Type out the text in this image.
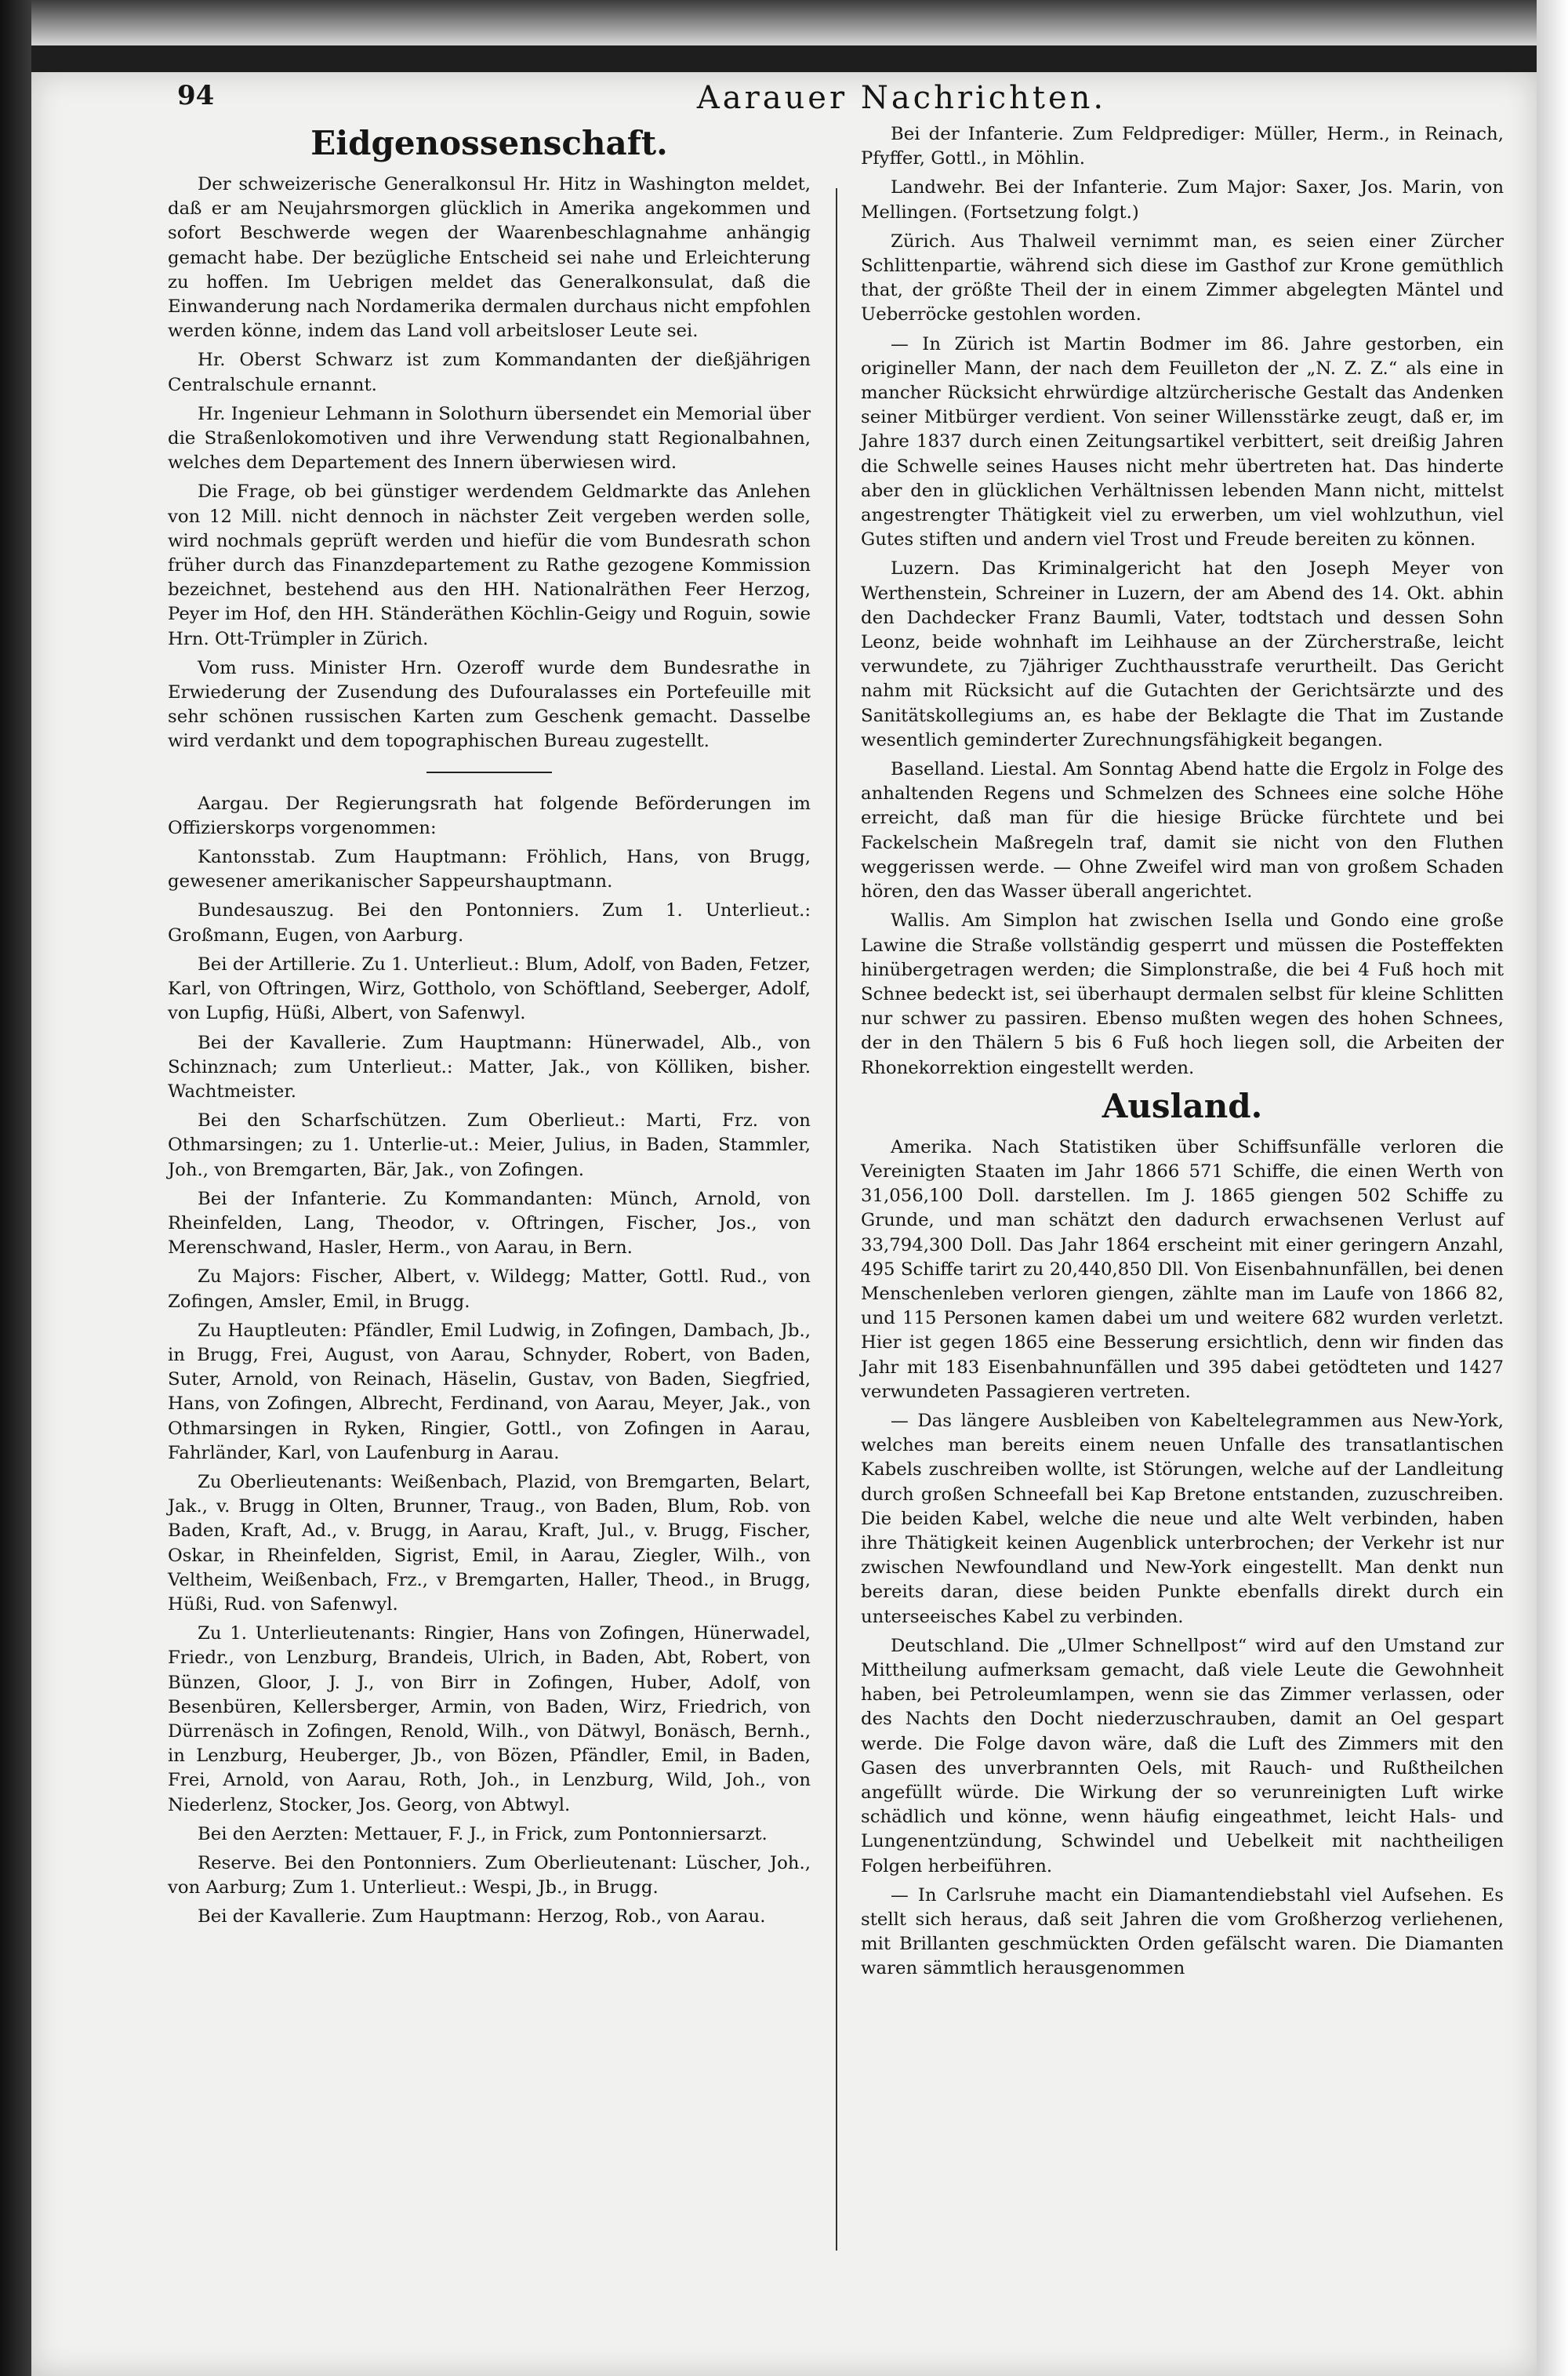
94	Aarauer Nachrichten.
Eidgenossenschaft.

Der schweizerische Generalkonsul Hr. Hitz in Washington meldet, daß er am Neujahrsmorgen glücklich in Amerika angekommen und sofort Beschwerde wegen der Waarenbeschlagnahme anhängig gemacht habe. Der bezügliche Entscheid sei nahe und Erleichterung zu hoffen. Im Uebrigen meldet das Generalkonsulat, daß die Einwanderung nach Nordamerika dermalen durchaus nicht empfohlen werden könne, indem das Land voll arbeitsloser Leute sei.

Hr. Oberst Schwarz ist zum Kommandanten der dießjährigen Centralschule ernannt.

Hr. Ingenieur Lehmann in Solothurn übersendet ein Memorial über die Straßenlokomotiven und ihre Verwendung statt Regionalbahnen, welches dem Departement des Innern überwiesen wird.

Die Frage, ob bei günstiger werdendem Geldmarkte das Anlehen von 12 Mill. nicht dennoch in nächster Zeit vergeben werden solle, wird nochmals geprüft werden und hiefür die vom Bundesrath schon früher durch das Finanzdepartement zu Rathe gezogene Kommission bezeichnet, bestehend aus den HH. Nationalräthen Feer Herzog, Peyer im Hof, den HH. Ständeräthen Köchlin-Geigy und Roguin, sowie Hrn. Ott-Trümpler in Zürich.

Vom russ. Minister Hrn. Ozeroff wurde dem Bundesrathe in Erwiederung der Zusendung des Dufouralasses ein Portefeuille mit sehr schönen russischen Karten zum Geschenk gemacht. Dasselbe wird verdankt und dem topographischen Bureau zugestellt.

Aargau. Der Regierungsrath hat folgende Beförderungen im Offizierskorps vorgenommen:

Kantonsstab. Zum Hauptmann: Fröhlich, Hans, von Brugg, gewesener amerikanischer Sappeurshauptmann.

Bundesauszug. Bei den Pontonniers. Zum 1. Unterlieut.: Großmann, Eugen, von Aarburg.

Bei der Artillerie. Zu 1. Unterlieut.: Blum, Adolf, von Baden, Fetzer, Karl, von Oftringen, Wirz, Gottholo, von Schöftland, Seeberger, Adolf, von Lupfig, Hüßi, Albert, von Safenwyl.

Bei der Kavallerie. Zum Hauptmann: Hünerwadel, Alb., von Schinznach; zum Unterlieut.: Matter, Jak., von Kölliken, bisher. Wachtmeister.

Bei den Scharfschützen. Zum Oberlieut.: Marti, Frz. von Othmarsingen; zu 1. Unterlie-ut.: Meier, Julius, in Baden, Stammler, Joh., von Bremgarten, Bär, Jak., von Zofingen.

Bei der Infanterie. Zu Kommandanten: Münch, Arnold, von Rheinfelden, Lang, Theodor, v. Oftringen, Fischer, Jos., von Merenschwand, Hasler, Herm., von Aarau, in Bern.

Zu Majors: Fischer, Albert, v. Wildegg; Matter, Gottl. Rud., von Zofingen, Amsler, Emil, in Brugg.

Zu Hauptleuten: Pfändler, Emil Ludwig, in Zofingen, Dambach, Jb., in Brugg, Frei, August, von Aarau, Schnyder, Robert, von Baden, Suter, Arnold, von Reinach, Häselin, Gustav, von Baden, Siegfried, Hans, von Zofingen, Albrecht, Ferdinand, von Aarau, Meyer, Jak., von Othmarsingen in Ryken, Ringier, Gottl., von Zofingen in Aarau, Fahrländer, Karl, von Laufenburg in Aarau.

Zu Oberlieutenants: Weißenbach, Plazid, von Bremgarten, Belart, Jak., v. Brugg in Olten, Brunner, Traug., von Baden, Blum, Rob. von Baden, Kraft, Ad., v. Brugg, in Aarau, Kraft, Jul., v. Brugg, Fischer, Oskar, in Rheinfelden, Sigrist, Emil, in Aarau, Ziegler, Wilh., von Veltheim, Weißenbach, Frz., v Bremgarten, Haller, Theod., in Brugg, Hüßi, Rud. von Safenwyl.

Zu 1. Unterlieutenants: Ringier, Hans von Zofingen, Hünerwadel, Friedr., von Lenzburg, Brandeis, Ulrich, in Baden, Abt, Robert, von Bünzen, Gloor, J. J., von Birr in Zofingen, Huber, Adolf, von Besenbüren, Kellersberger, Armin, von Baden, Wirz, Friedrich, von Dürrenäsch in Zofingen, Renold, Wilh., von Dätwyl, Bonäsch, Bernh., in Lenzburg, Heuberger, Jb., von Bözen, Pfändler, Emil, in Baden, Frei, Arnold, von Aarau, Roth, Joh., in Lenzburg, Wild, Joh., von Niederlenz, Stocker, Jos. Georg, von Abtwyl.

Bei den Aerzten: Mettauer, F. J., in Frick, zum Pontonniersarzt.

Reserve. Bei den Pontonniers. Zum Oberlieutenant: Lüscher, Joh., von Aarburg; Zum 1. Unterlieut.: Wespi, Jb., in Brugg.

Bei der Kavallerie. Zum Hauptmann: Herzog, Rob., von Aarau.

Bei der Infanterie. Zum Feldprediger: Müller, Herm., in Reinach, Pfyffer, Gottl., in Möhlin.

Landwehr. Bei der Infanterie. Zum Major: Saxer, Jos. Marin, von Mellingen. (Fortsetzung folgt.)

Zürich. Aus Thalweil vernimmt man, es seien einer Zürcher Schlittenpartie, während sich diese im Gasthof zur Krone gemüthlich that, der größte Theil der in einem Zimmer abgelegten Mäntel und Ueberröcke gestohlen worden.

— In Zürich ist Martin Bodmer im 86. Jahre gestorben, ein origineller Mann, der nach dem Feuilleton der „N. Z. Z.“ als eine in mancher Rücksicht ehrwürdige altzürcherische Gestalt das Andenken seiner Mitbürger verdient. Von seiner Willensstärke zeugt, daß er, im Jahre 1837 durch einen Zeitungsartikel verbittert, seit dreißig Jahren die Schwelle seines Hauses nicht mehr übertreten hat. Das hinderte aber den in glücklichen Verhältnissen lebenden Mann nicht, mittelst angestrengter Thätigkeit viel zu erwerben, um viel wohlzuthun, viel Gutes stiften und andern viel Trost und Freude bereiten zu können.

Luzern. Das Kriminalgericht hat den Joseph Meyer von Werthenstein, Schreiner in Luzern, der am Abend des 14. Okt. abhin den Dachdecker Franz Baumli, Vater, todtstach und dessen Sohn Leonz, beide wohnhaft im Leihhause an der Zürcherstraße, leicht verwundete, zu 7jähriger Zuchthausstrafe verurtheilt. Das Gericht nahm mit Rücksicht auf die Gutachten der Gerichtsärzte und des Sanitätskollegiums an, es habe der Beklagte die That im Zustande wesentlich geminderter Zurechnungsfähigkeit begangen.

Baselland. Liestal. Am Sonntag Abend hatte die Ergolz in Folge des anhaltenden Regens und Schmelzen des Schnees eine solche Höhe erreicht, daß man für die hiesige Brücke fürchtete und bei Fackelschein Maßregeln traf, damit sie nicht von den Fluthen weggerissen werde. — Ohne Zweifel wird man von großem Schaden hören, den das Wasser überall angerichtet.

Wallis. Am Simplon hat zwischen Isella und Gondo eine große Lawine die Straße vollständig gesperrt und müssen die Posteffekten hinübergetragen werden; die Simplonstraße, die bei 4 Fuß hoch mit Schnee bedeckt ist, sei überhaupt dermalen selbst für kleine Schlitten nur schwer zu passiren. Ebenso mußten wegen des hohen Schnees, der in den Thälern 5 bis 6 Fuß hoch liegen soll, die Arbeiten der Rhonekorrektion eingestellt werden.

Ausland.

Amerika. Nach Statistiken über Schiffsunfälle verloren die Vereinigten Staaten im Jahr 1866 571 Schiffe, die einen Werth von 31,056,100 Doll. darstellen. Im J. 1865 giengen 502 Schiffe zu Grunde, und man schätzt den dadurch erwachsenen Verlust auf 33,794,300 Doll. Das Jahr 1864 erscheint mit einer geringern Anzahl, 495 Schiffe tarirt zu 20,440,850 Dll. Von Eisenbahnunfällen, bei denen Menschenleben verloren giengen, zählte man im Laufe von 1866 82, und 115 Personen kamen dabei um und weitere 682 wurden verletzt. Hier ist gegen 1865 eine Besserung ersichtlich, denn wir finden das Jahr mit 183 Eisenbahnunfällen und 395 dabei getödteten und 1427 verwundeten Passagieren vertreten.

— Das längere Ausbleiben von Kabeltelegrammen aus New-York, welches man bereits einem neuen Unfalle des transatlantischen Kabels zuschreiben wollte, ist Störungen, welche auf der Landleitung durch großen Schneefall bei Kap Bretone entstanden, zuzuschreiben. Die beiden Kabel, welche die neue und alte Welt verbinden, haben ihre Thätigkeit keinen Augenblick unterbrochen; der Verkehr ist nur zwischen Newfoundland und New-York eingestellt. Man denkt nun bereits daran, diese beiden Punkte ebenfalls direkt durch ein unterseeisches Kabel zu verbinden.

Deutschland. Die „Ulmer Schnellpost“ wird auf den Umstand zur Mittheilung aufmerksam gemacht, daß viele Leute die Gewohnheit haben, bei Petroleumlampen, wenn sie das Zimmer verlassen, oder des Nachts den Docht niederzuschrauben, damit an Oel gespart werde. Die Folge davon wäre, daß die Luft des Zimmers mit den Gasen des unverbrannten Oels, mit Rauch- und Rußtheilchen angefüllt würde. Die Wirkung der so verunreinigten Luft wirke schädlich und könne, wenn häufig eingeathmet, leicht Hals- und Lungenentzündung, Schwindel und Uebelkeit mit nachtheiligen Folgen herbeiführen.

— In Carlsruhe macht ein Diamantendiebstahl viel Aufsehen. Es stellt sich heraus, daß seit Jahren die vom Großherzog verliehenen, mit Brillanten geschmückten Orden gefälscht waren. Die Diamanten waren sämmtlich herausgenommen
